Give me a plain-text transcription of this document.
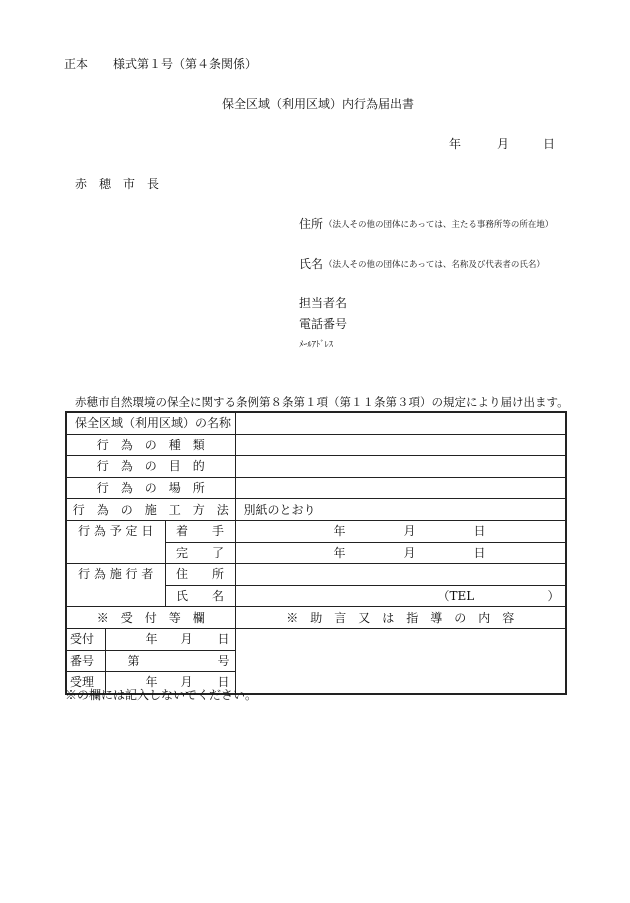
正本 様式第１号（第４条関係）
保全区域（利用区域）内行為届出書
年	月	日
赤　穂　市　長
住所 （法人その他の団体にあっては、主たる事務所等の所在地）
氏名 （法人その他の団体にあっては、名称及び代表者の氏名）
担当者名
電話番号
ﾒｰﾙｱﾄﾞﾚｽ
赤穂市自然環境の保全に関する条例第８条第１項（第１１条第３項）の規定により届け出ます。
保全区域（利用区域）の名称			
行　為　の　種　類			
行　為　の　目　的			
行　為　の　場　所			
行　為　の　施　工　方　法			別紙のとおり
行 為 予 定 日		着　　手	年 月 日

		完　　了	年 月 日

行 為 施 行 者		住　　所	
		氏　　名	（TEL ）

※　受　付　等　欄			※　助　言　又　は　指　導　の　内　容
受付	年 月 日		

番号	第 号		

受理	年 月 日		
※の欄には記入しないでください。
